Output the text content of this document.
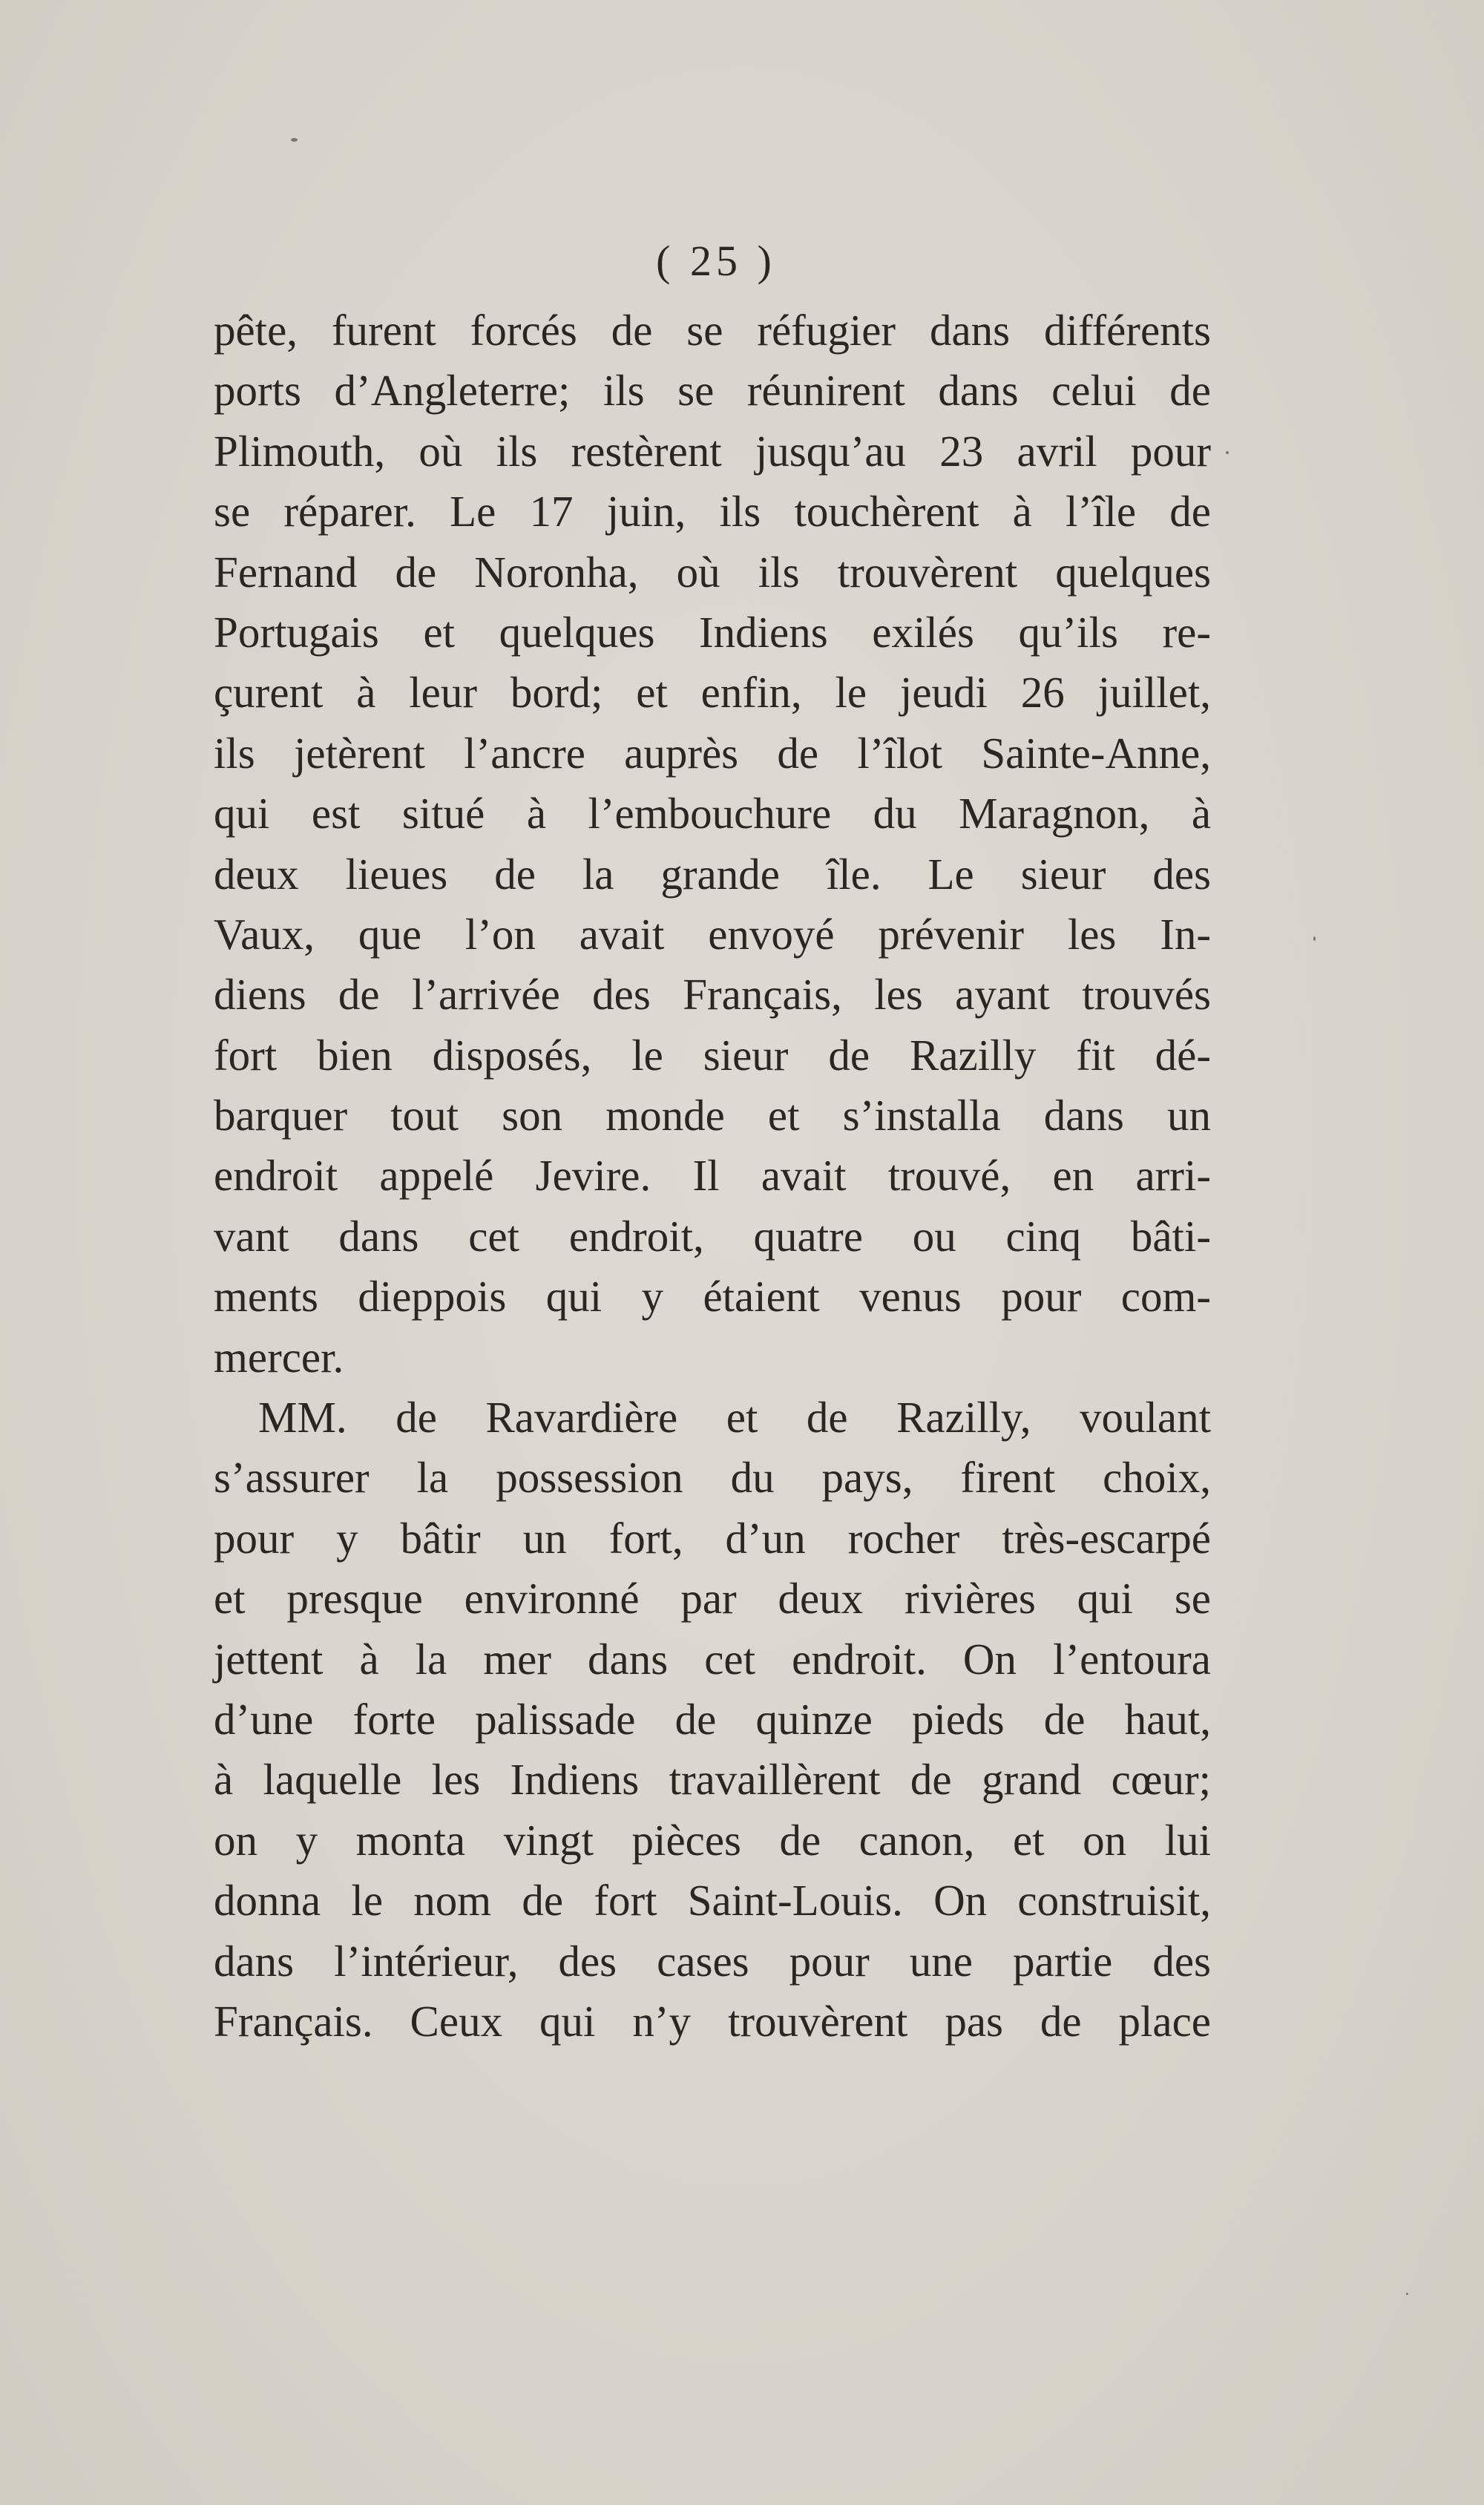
( 25 )
pête, furent forcés de se réfugier dans différents
ports d’Angleterre; ils se réunirent dans celui de
Plimouth, où ils restèrent jusqu’au 23 avril pour
se réparer. Le 17 juin, ils touchèrent à l’île de
Fernand de Noronha, où ils trouvèrent quelques
Portugais et quelques Indiens exilés qu’ils re-
çurent à leur bord; et enfin, le jeudi 26 juillet,
ils jetèrent l’ancre auprès de l’îlot Sainte-Anne,
qui est situé à l’embouchure du Maragnon, à
deux lieues de la grande île. Le sieur des
Vaux, que l’on avait envoyé prévenir les In-
diens de l’arrivée des Français, les ayant trouvés
fort bien disposés, le sieur de Razilly fit dé-
barquer tout son monde et s’installa dans un
endroit appelé Jevire. Il avait trouvé, en arri-
vant dans cet endroit, quatre ou cinq bâti-
ments dieppois qui y étaient venus pour com-
mercer.
MM. de Ravardière et de Razilly, voulant
s’assurer la possession du pays, firent choix,
pour y bâtir un fort, d’un rocher très-escarpé
et presque environné par deux rivières qui se
jettent à la mer dans cet endroit. On l’entoura
d’une forte palissade de quinze pieds de haut,
à laquelle les Indiens travaillèrent de grand cœur;
on y monta vingt pièces de canon, et on lui
donna le nom de fort Saint-Louis. On construisit,
dans l’intérieur, des cases pour une partie des
Français. Ceux qui n’y trouvèrent pas de place
